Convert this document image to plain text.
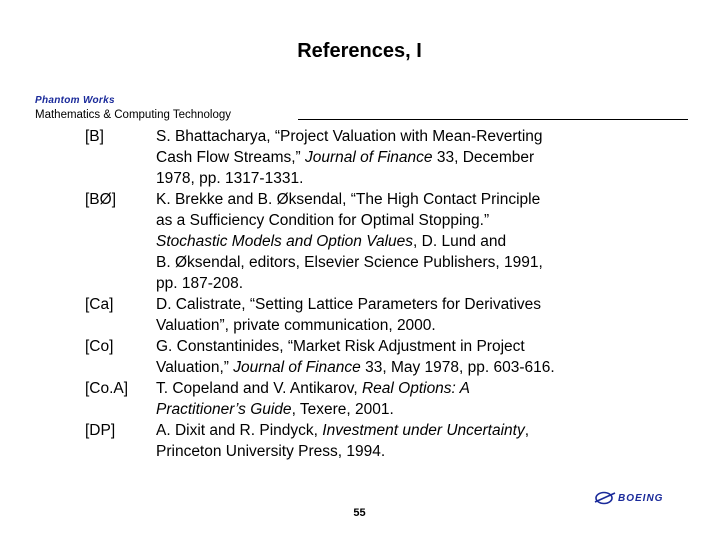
References, I
Phantom Works
Mathematics & Computing Technology
[B]	S. Bhattacharya, “Project Valuation with Mean-Reverting
Cash Flow Streams,” Journal of Finance 33, December
1978, pp. 1317-1331.
[BØ]	K. Brekke and B. Øksendal, “The High Contact Principle
as a Sufficiency Condition for Optimal Stopping.”
Stochastic Models and Option Values, D. Lund and
B. Øksendal, editors, Elsevier Science Publishers, 1991,
pp. 187-208.
[Ca]	D. Calistrate, “Setting Lattice Parameters for Derivatives
Valuation”, private communication, 2000.
[Co]	G. Constantinides, “Market Risk Adjustment in Project
Valuation,” Journal of Finance 33, May 1978, pp. 603-616.
[Co.A] T. Copeland and V. Antikarov, Real Options: A
Practitioner’s Guide, Texere, 2001.
[DP]	A. Dixit and R. Pindyck, Investment under Uncertainty,
Princeton University Press, 1994.
55
BOEING
